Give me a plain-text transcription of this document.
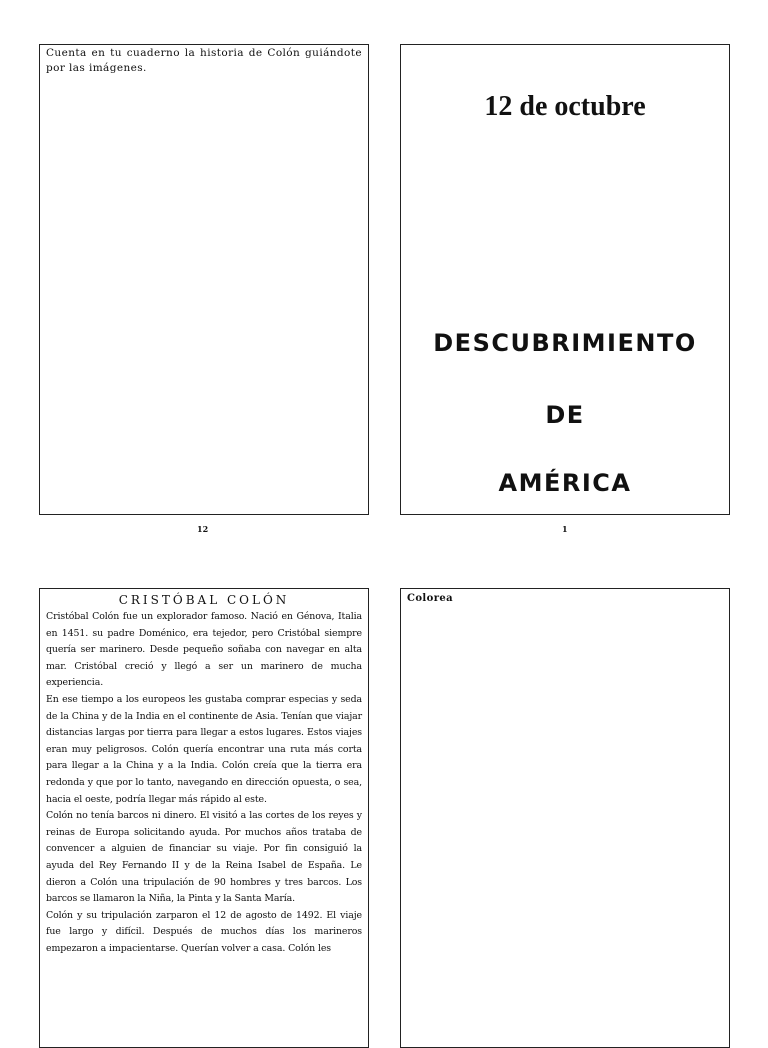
Cuenta en tu cuaderno la historia de Colón guiándote por las imágenes.
12
12 de octubre
DESCUBRIMIENTO
DE
AMÉRICA
1
CRISTÓBAL COLÓN

Cristóbal Colón fue un explorador famoso. Nació en Génova, Italia en 1451. su padre Doménico, era tejedor, pero Cristóbal siempre quería ser marinero. Desde pequeño soñaba con navegar en alta mar. Cristóbal creció y llegó a ser un marinero de mucha experiencia.

En ese tiempo a los europeos les gustaba comprar especias y seda de la China y de la India en el continente de Asia. Tenían que viajar distancias largas por tierra para llegar a estos lugares. Estos viajes eran muy peligrosos. Colón quería encontrar una ruta más corta para llegar a la China y a la India. Colón creía que la tierra era redonda y que por lo tanto, navegando en dirección opuesta, o sea, hacia el oeste, podría llegar más rápido al este.

Colón no tenía barcos ni dinero. El visitó a las cortes de los reyes y reinas de Europa solicitando ayuda. Por muchos años trataba de convencer a alguien de financiar su viaje. Por fin consiguió la ayuda del Rey Fernando II y de la Reina Isabel de España. Le dieron a Colón una tripulación de 90 hombres y tres barcos. Los barcos se llamaron la Niña, la Pinta y la Santa María.

Colón y su tripulación zarparon el 12 de agosto de 1492. El viaje fue largo y difícil. Después de muchos días los marineros empezaron a impacientarse. Querían volver a casa. Colón les

Colorea
